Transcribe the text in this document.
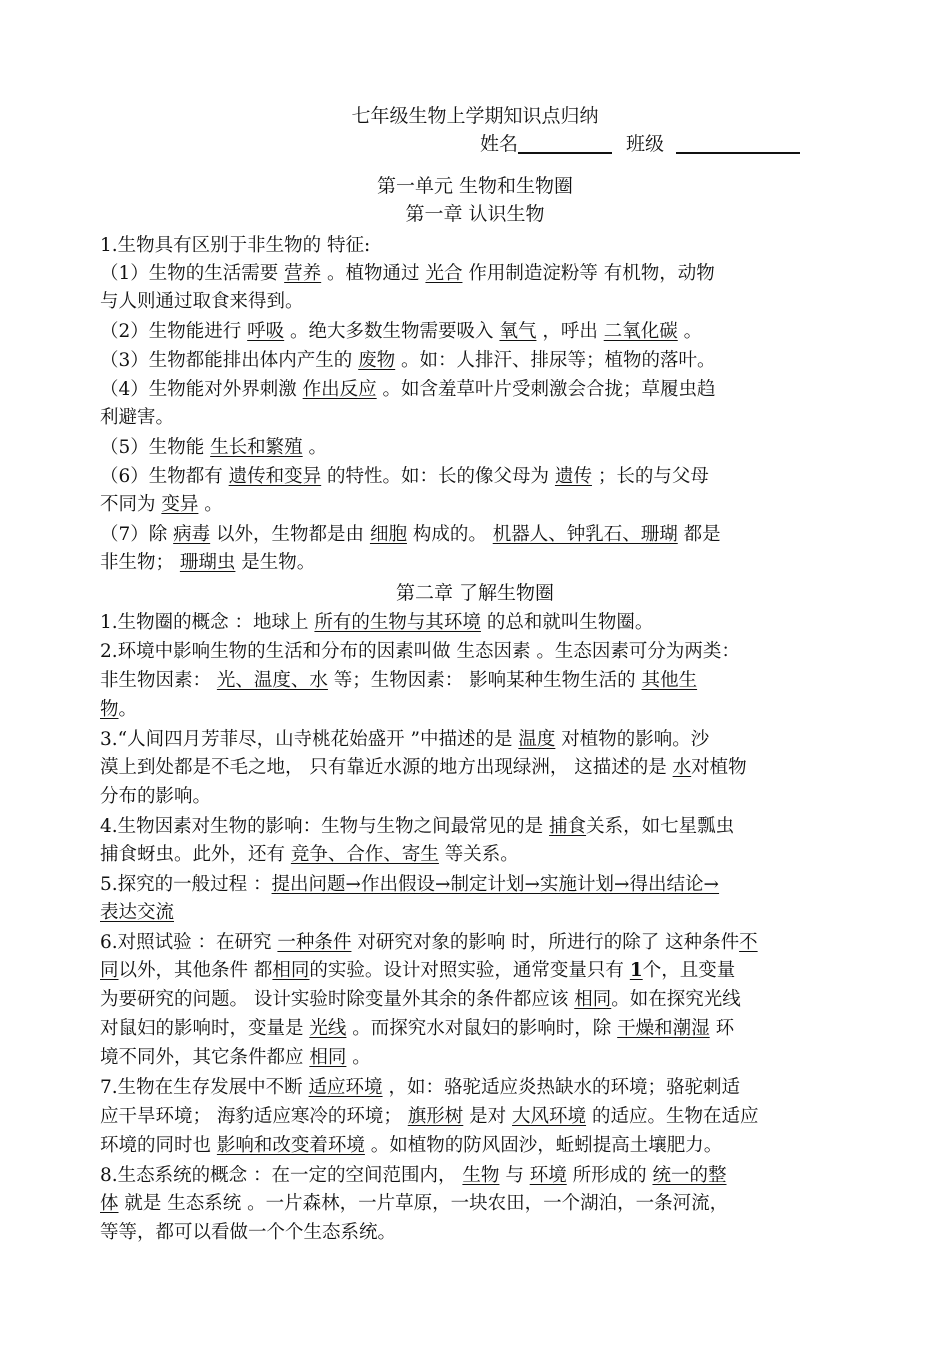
七年级生物上学期知识点归纳
姓名	班级
第一单元 生物和生物圈
第一章 认识生物
1.生物具有区别于非生物的 特征:
（1）生物的生活需要 营养 。植物通过 光合 作用制造淀粉等 有机物，动物
与人则通过取食来得到。
（2）生物能进行 呼吸 。绝大多数生物需要吸入 氧气 ，呼出 二氧化碳 。
（3）生物都能排出体内产生的 废物 。如：人排汗、排尿等；植物的落叶。
（4）生物能对外界刺激 作出反应 。如含羞草叶片受刺激会合拢；草履虫趋
利避害。
（5）生物能 生长和繁殖 。
（6）生物都有 遗传和变异 的特性。如：长的像父母为 遗传 ；长的与父母
不同为 变异 。
（7）除 病毒 以外，生物都是由 细胞 构成的。 机器人、钟乳石、珊瑚 都是
非生物； 珊瑚虫 是生物。
第二章 了解生物圈
1.生物圈的概念 ：地球上 所有的生物与其环境 的总和就叫生物圈。
2.环境中影响生物的生活和分布的因素叫做 生态因素 。生态因素可分为两类：
非生物因素： 光、温度、水 等；生物因素： 影响某种生物生活的 其他生
物。
3.“人间四月芳菲尽，山寺桃花始盛开 ”中描述的是 温度 对植物的影响。沙
漠上到处都是不毛之地， 只有靠近水源的地方出现绿洲， 这描述的是 水对植物
分布的影响。
4.生物因素对生物的影响：生物与生物之间最常见的是 捕食关系，如七星瓢虫
捕食蚜虫。此外，还有 竞争、合作、寄生 等关系。
5.探究的一般过程 ：提出问题→作出假设→制定计划→实施计划→得出结论→
表达交流
6.对照试验 ：在研究 一种条件 对研究对象的影响 时，所进行的除了 这种条件不
同以外，其他条件 都相同的实验。设计对照实验，通常变量只有 1个，且变量
为要研究的问题。 设计实验时除变量外其余的条件都应该 相同。如在探究光线
对鼠妇的影响时，变量是 光线 。而探究水对鼠妇的影响时，除 干燥和潮湿 环
境不同外，其它条件都应 相同 。
7.生物在生存发展中不断 适应环境 ，如：骆驼适应炎热缺水的环境；骆驼刺适
应干旱环境； 海豹适应寒冷的环境； 旗形树 是对 大风环境 的适应。生物在适应
环境的同时也 影响和改变着环境 。如植物的防风固沙，蚯蚓提高土壤肥力。
8.生态系统的概念 ：在一定的空间范围内， 生物 与 环境 所形成的 统一的整
体 就是 生态系统 。一片森林，一片草原，一块农田，一个湖泊，一条河流，
等等，都可以看做一个个生态系统。
